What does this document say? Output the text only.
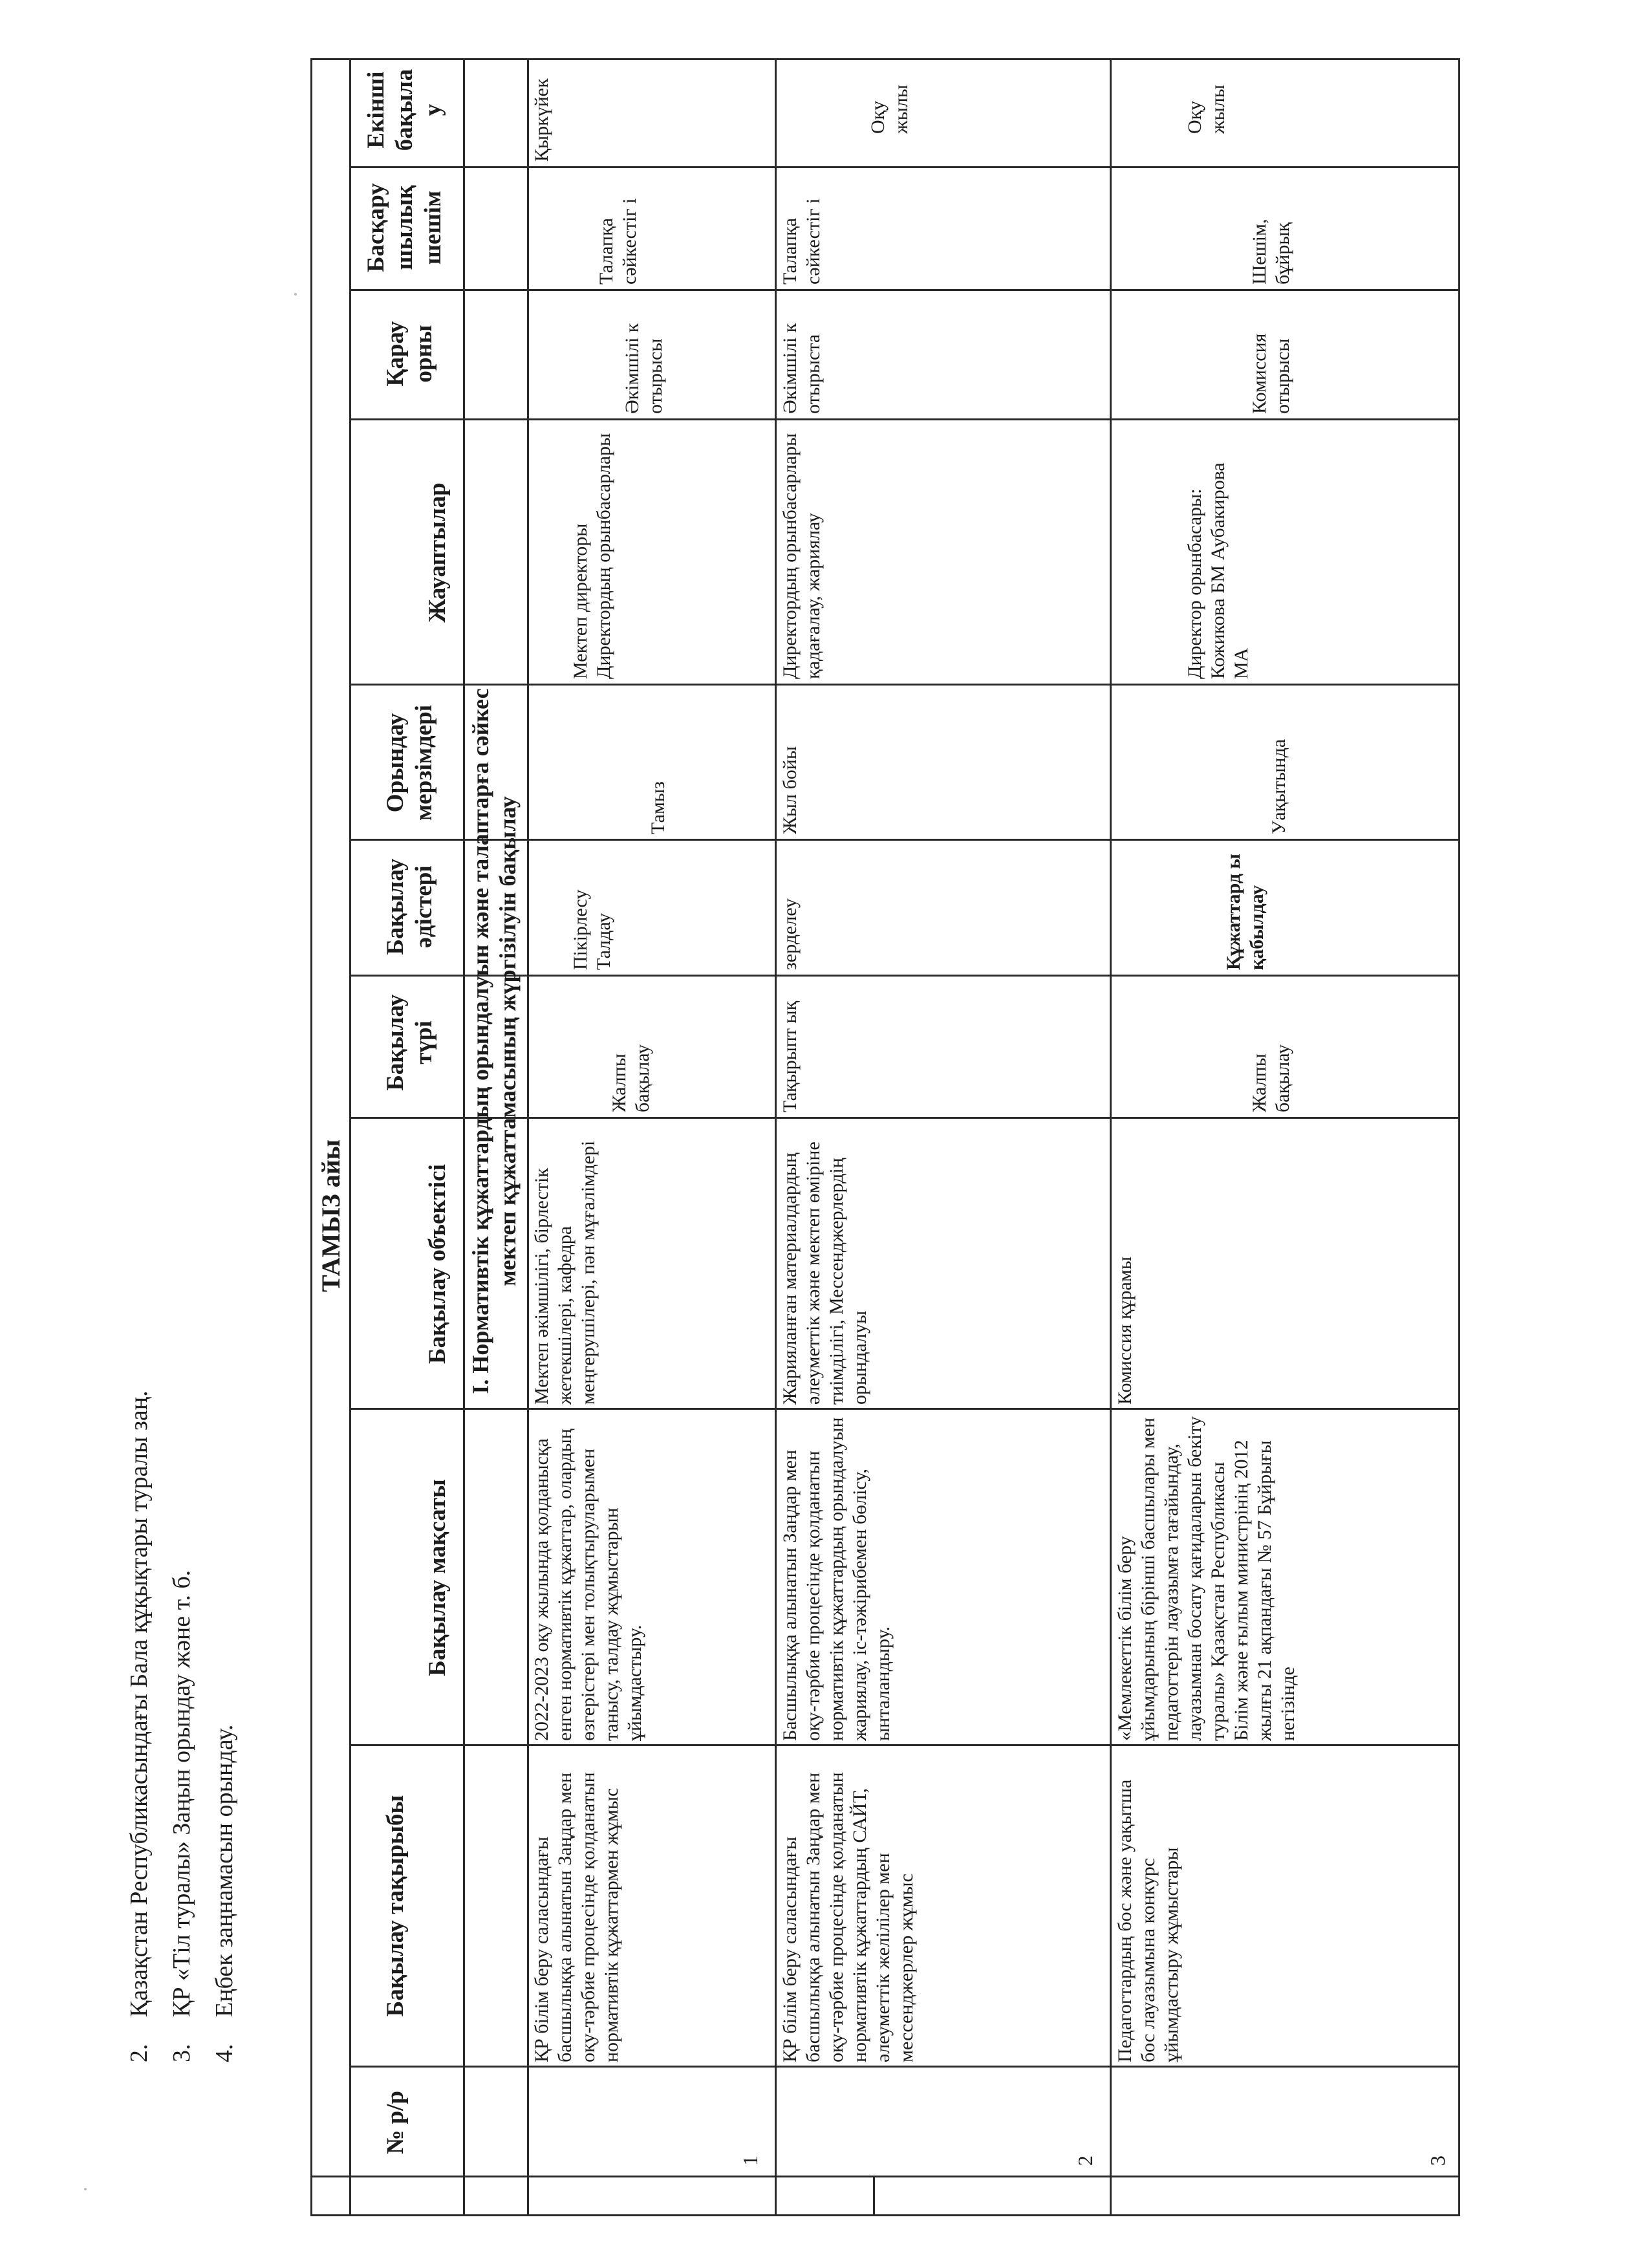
2.Қазақстан Республикасындағы Бала құқықтары туралы заң.
3.ҚР «Тіл туралы» Заңын орындау және т. б.
4.Еңбек заңнамасын орындау.
ТАМЫЗ айы
№ р/р
Бақылау тақырыбы
Бақылау мақсаты
Бақылау объектісі
Бақылау түрі
Бақылау әдістері
Орындау мерзімдері
Жауаптылар
Қарау орны
Басқару шылық шешім
Екінші бақыла у
І. Нормативтік құжаттардың орындалуын және талаптарға сәйкес мектеп құжаттамасының жүргізілуін бақылау
1
ҚР білім беру саласындағы басшылыққа алынатын Заңдар мен оқу-тәрбие процесінде қолданатын нормативтік құжаттармен жұмыс
2022-2023 оқу жылында қолданысқа енген нормативтік құжаттар, олардың өзгерістері мен толықтыруларымен танысу, талдау жұмыстарын ұйымдастыру.
Мектеп әкімшілігі, бірлестік жетекшілері, кафедра меңгерушілері, пән мұғалімдері
Жалпы бақылау
Пікірлесу Талдау
Тамыз
Мектеп директоры Директордың орынбасарлары
Әкімшілі к отырысы
Талапқа сәйкестіг і
Қыркүйек
2
ҚР білім беру саласындағы басшылыққа алынатын Заңдар мен оқу-тәрбие процесінде қолданатын нормативтік құжаттардың САЙТ, әлеуметтік желілілер мен мессенджерлер жұмыс
Басшылыққа алынатын Заңдар мен оқу-тәрбие процесінде қолданатын нормативтік құжаттардың орындалуын жариялау, іс-тәжірибемен бөлісу, ынталандыру.
Жарияланған материалдардың әлеуметтік және мектеп өміріне тиімділігі, Мессенджерлердің орындалуы
Тақырыпт ық
зерделеу
Жыл бойы
Директордың орынбасарлары қадағалау, жариялау
Әкімшілі к отырыста
Талапқа сәйкестіг і
Оқу жылы
3
Педагогтардың бос және уақытша бос лауазымына конкурс ұйымдастыру жұмыстары
«Мемлекеттік білім беру ұйымдарының бірінші басшылары мен педагогтерін лауазымға тағайындау, лауазымнан босату қағидаларын бекіту туралы» Қазақстан Республикасы Білім және ғылым министрінің 2012 жылғы 21 ақпандағы № 57 Бұйрығы негізінде
Комиссия құрамы
Жалпы бақылау
Құжаттард ы қабылдау
Уақытында
Директор орынбасары: Кожикова БМ Аубакирова МА
Комиссия отырысы
Шешім, бұйрық
Оқу жылы
